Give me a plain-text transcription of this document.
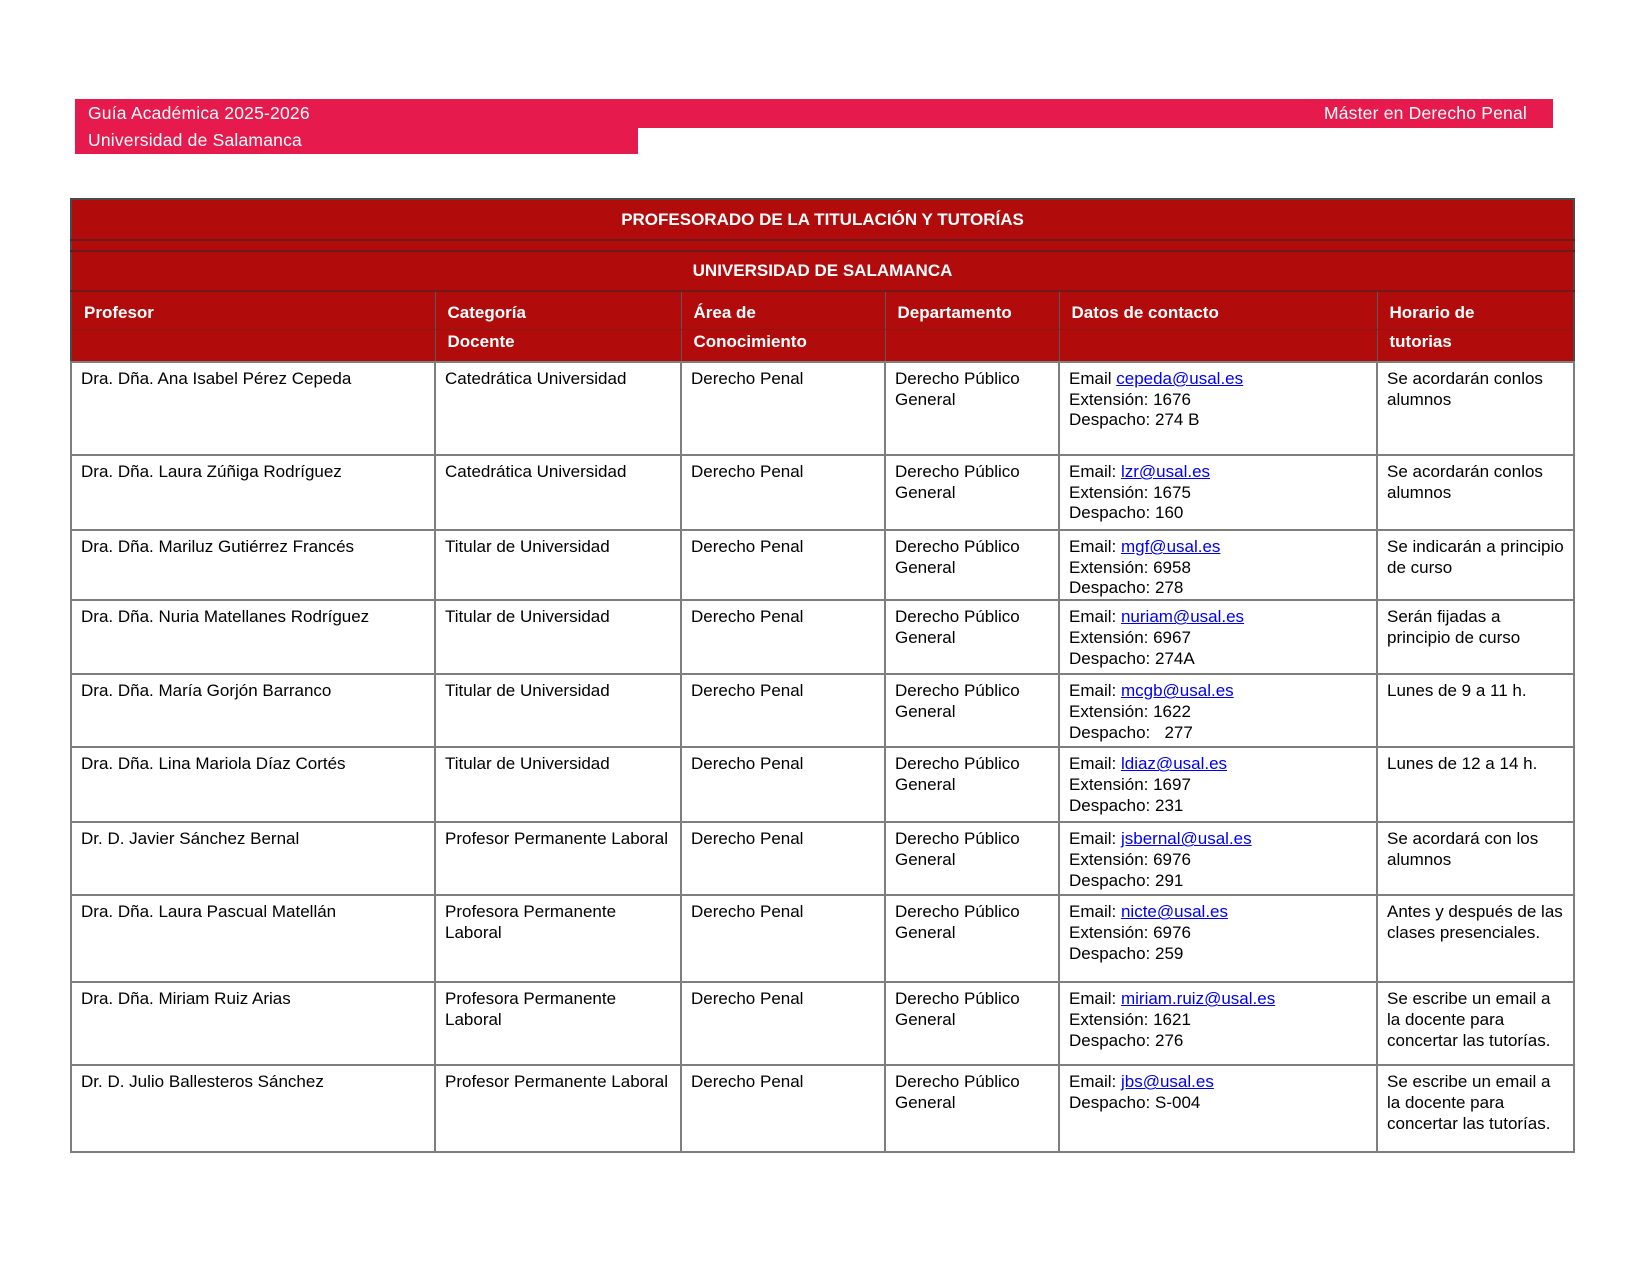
Guía Académica 2025-2026	Máster en Derecho Penal
Universidad de Salamanca
PROFESORADO DE LA TITULACIÓN Y TUTORÍAS					

UNIVERSIDAD DE SALAMANCA					
Profesor	Categoría	Área de	Departamento	Datos de contacto	Horario de
	Docente	Conocimiento			tutorias
Dra. Dña. Ana Isabel Pérez Cepeda	Catedrática Universidad	Derecho Penal	Derecho Público General	Email cepeda@usal.es
Extensión: 1676
Despacho: 274 B	Se acordarán conlos alumnos
Dra. Dña. Laura Zúñiga Rodríguez	Catedrática Universidad	Derecho Penal	Derecho Público General	Email: lzr@usal.es
Extensión: 1675
Despacho: 160	Se acordarán conlos alumnos
Dra. Dña. Mariluz Gutiérrez Francés	Titular de Universidad	Derecho Penal	Derecho Público General	Email: mgf@usal.es
Extensión: 6958
Despacho: 278	Se indicarán a principio de curso
Dra. Dña. Nuria Matellanes Rodríguez	Titular de Universidad	Derecho Penal	Derecho Público General	Email: nuriam@usal.es
Extensión: 6967
Despacho: 274A	Serán fijadas a principio de curso
Dra. Dña. María Gorjón Barranco	Titular de Universidad	Derecho Penal	Derecho Público General	Email: mcgb@usal.es
Extensión: 1622
Despacho:   277	Lunes de 9 a 11 h.
Dra. Dña. Lina Mariola Díaz Cortés	Titular de Universidad	Derecho Penal	Derecho Público General	Email: ldiaz@usal.es
Extensión: 1697
Despacho: 231	Lunes de 12 a 14 h.
Dr. D. Javier Sánchez Bernal	Profesor Permanente Laboral	Derecho Penal	Derecho Público General	Email: jsbernal@usal.es
Extensión: 6976
Despacho: 291	Se acordará con los alumnos
Dra. Dña. Laura Pascual Matellán	Profesora Permanente Laboral	Derecho Penal	Derecho Público General	Email: nicte@usal.es
Extensión: 6976
Despacho: 259	Antes y después de las clases presenciales.
Dra. Dña. Miriam Ruiz Arias	Profesora Permanente Laboral	Derecho Penal	Derecho Público General	Email: miriam.ruiz@usal.es
Extensión: 1621
Despacho: 276	Se escribe un email a la docente para concertar las tutorías.
Dr. D. Julio Ballesteros Sánchez	Profesor Permanente Laboral	Derecho Penal	Derecho Público General	Email: jbs@usal.es
Despacho: S-004	Se escribe un email a la docente para concertar las tutorías.
